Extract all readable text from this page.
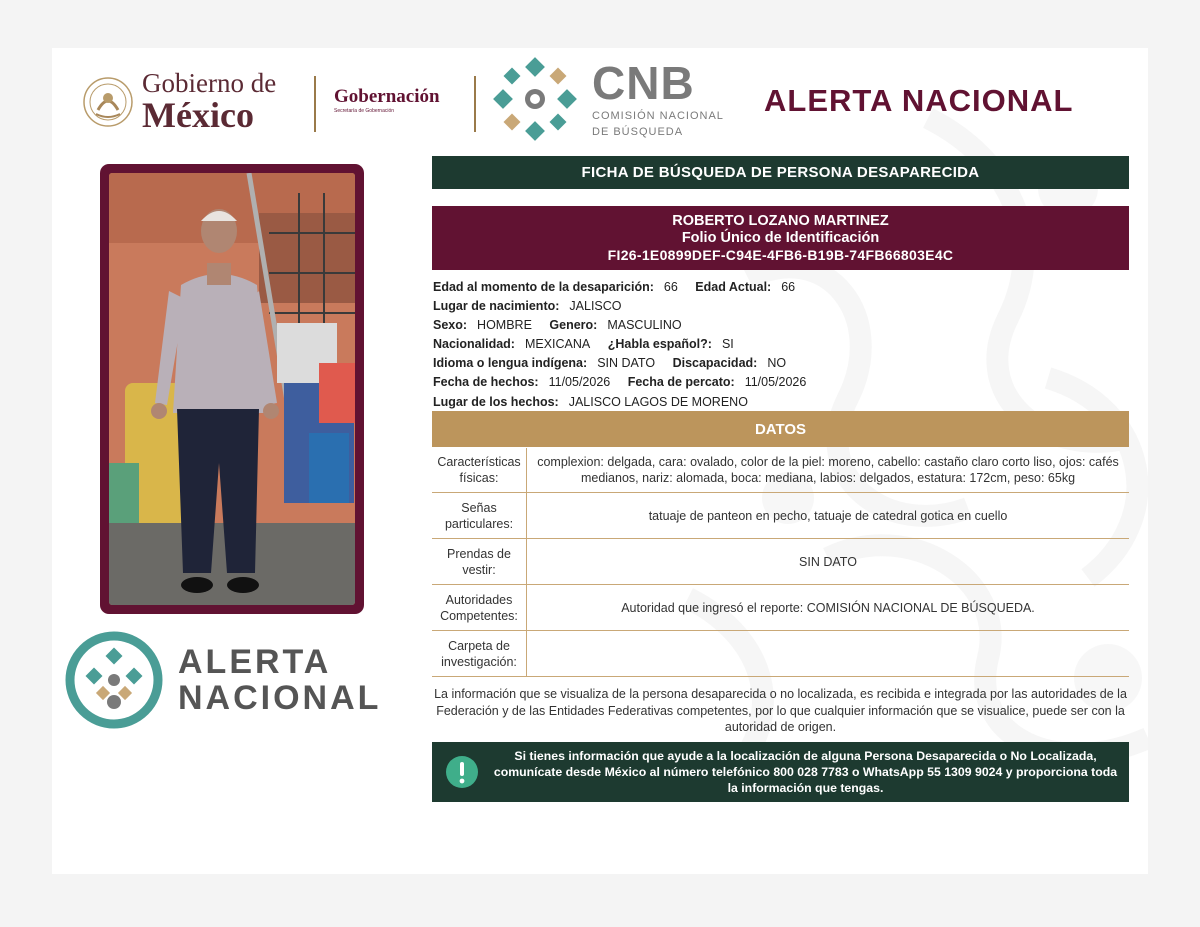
Gobierno de
México	Gobernación
Secretaría de Gobernación
CNB
COMISIÓN NACIONAL
DE BÚSQUEDA
ALERTA NACIONAL
ALERTA
NACIONAL
FICHA DE BÚSQUEDA DE PERSONA DESAPARECIDA
ROBERTO LOZANO MARTINEZ
Folio Único de Identificación
FI26-1E0899DEF-C94E-4FB6-B19B-74FB66803E4C
Edad al momento de la desaparición: 66 Edad Actual: 66
Lugar de nacimiento: JALISCO
Sexo: HOMBRE Genero: MASCULINO
Nacionalidad: MEXICANA ¿Habla español?: SI
Idioma o lengua indígena: SIN DATO Discapacidad: NO
Fecha de hechos: 11/05/2026 Fecha de percato: 11/05/2026
Lugar de los hechos: JALISCO LAGOS DE MORENO
DATOS
Características físicas:
complexion: delgada, cara: ovalado, color de la piel: moreno, cabello: castaño claro corto liso, ojos: cafés medianos, nariz: alomada, boca: mediana, labios: delgados, estatura: 172cm, peso: 65kg
Señas particulares:
tatuaje de panteon en pecho, tatuaje de catedral gotica en cuello
Prendas de vestir:
SIN DATO
Autoridades Competentes:
Autoridad que ingresó el reporte: COMISIÓN NACIONAL DE BÚSQUEDA.
Carpeta de investigación:
La información que se visualiza de la persona desaparecida o no localizada, es recibida e integrada por las autoridades de la Federación y de las Entidades Federativas competentes, por lo que cualquier información que se visualice, puede ser con la autoridad de origen.
Si tienes información que ayude a la localización de alguna Persona Desaparecida o No Localizada, comunícate desde México al número telefónico 800 028 7783 o WhatsApp 55 1309 9024 y proporciona toda la información que tengas.
